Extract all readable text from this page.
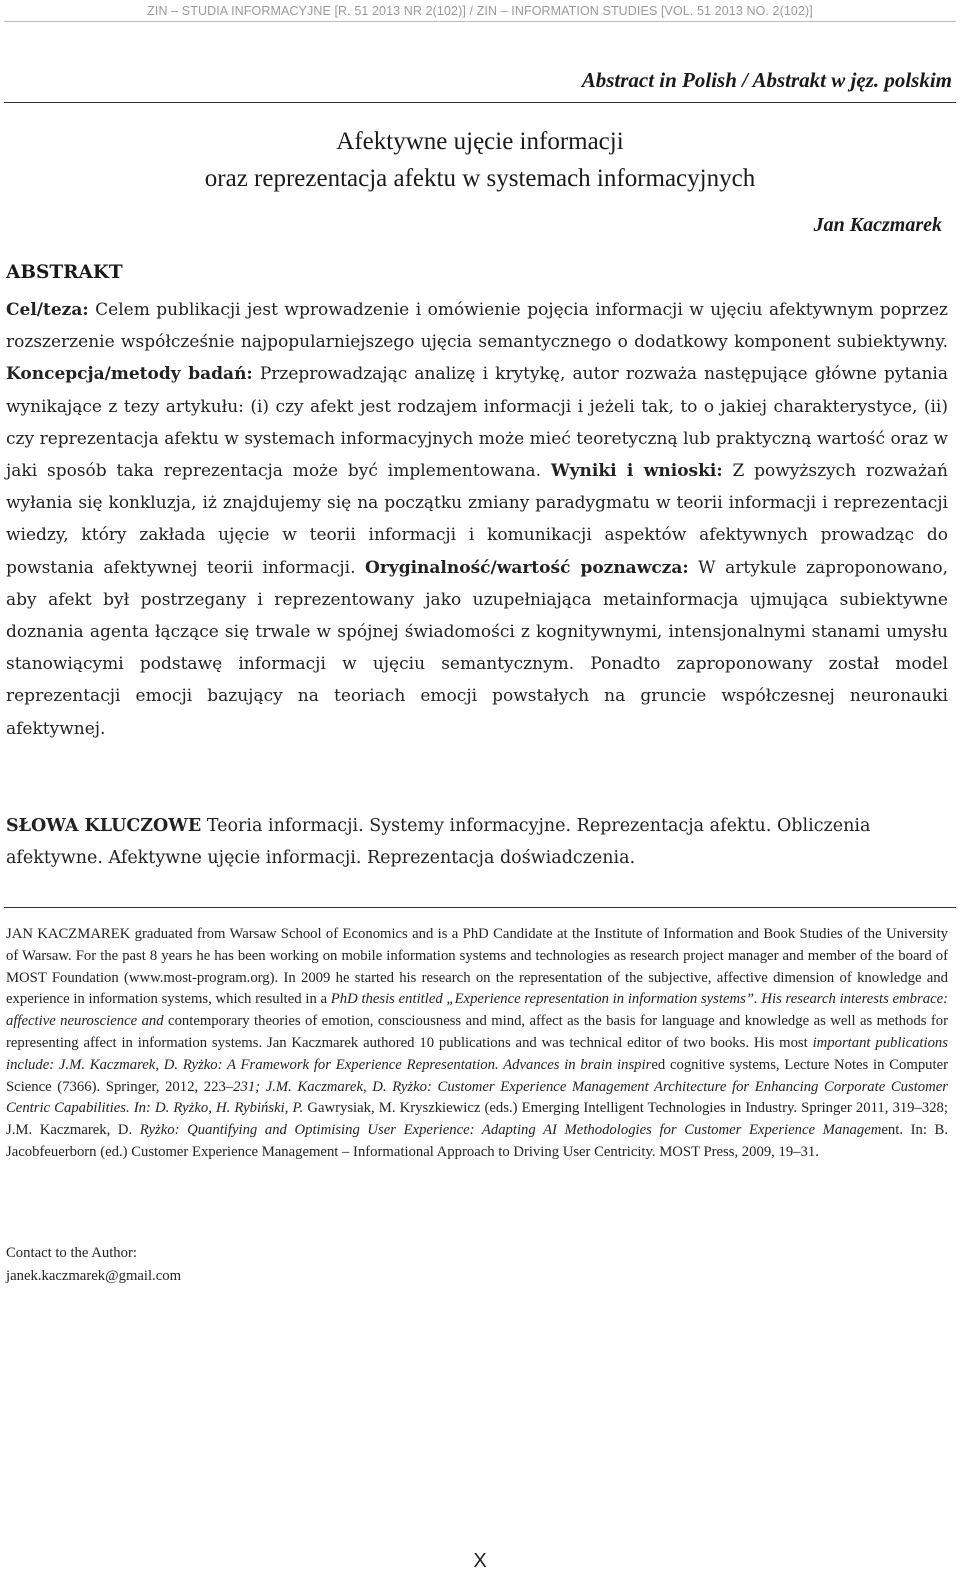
ZIN – STUDIA INFORMACYJNE [R. 51 2013 NR 2(102)] / ZIN – INFORMATION STUDIES [VOL. 51 2013 NO. 2(102)]
Abstract in Polish / Abstrakt w jęz. polskim
Afektywne ujęcie informacji
oraz reprezentacja afektu w systemach informacyjnych
Jan Kaczmarek
ABSTRAKT
Cel/teza: Celem publikacji jest wprowadzenie i omówienie pojęcia informacji w ujęciu afektywnym poprzez rozszerzenie współcześnie najpopularniejszego ujęcia semantycznego o dodatkowy komponent subiektywny. Koncepcja/metody badań: Przeprowadzając analizę i krytykę, autor rozważa następujące główne pytania wynikające z tezy artykułu: (i) czy afekt jest rodzajem informacji i jeżeli tak, to o jakiej charakterystyce, (ii) czy reprezentacja afektu w systemach informacyjnych może mieć teoretyczną lub praktyczną wartość oraz w jaki sposób taka reprezentacja może być implementowana. Wyniki i wnioski: Z powyższych rozważań wyłania się konkluzja, iż znajdujemy się na początku zmiany paradygmatu w teorii informacji i reprezentacji wiedzy, który zakłada ujęcie w teorii informacji i komunikacji aspektów afektywnych prowadząc do powstania afektywnej teorii informacji. Oryginalność/wartość poznawcza: W artykule zaproponowano, aby afekt był postrzegany i reprezentowany jako uzupełniająca metainformacja ujmująca subiektywne doznania agenta łączące się trwale w spójnej świadomości z kognitywnymi, intensjonalnymi stanami umysłu stanowiącymi podstawę informacji w ujęciu semantycznym. Ponadto zaproponowany został model reprezentacji emocji bazujący na teoriach emocji powstałych na gruncie współczesnej neuronauki afektywnej.
SŁOWA KLUCZOWE Teoria informacji. Systemy informacyjne. Reprezentacja afektu. Obliczenia afektywne. Afektywne ujęcie informacji. Reprezentacja doświadczenia.
JAN KACZMAREK graduated from Warsaw School of Economics and is a PhD Candidate at the Institute of Information and Book Studies of the University of Warsaw. For the past 8 years he has been working on mobile information systems and technologies as research project manager and member of the board of MOST Foundation (www.most-program.org). In 2009 he started his research on the representation of the subjective, affective dimension of knowledge and experience in information systems, which resulted in a PhD thesis entitled „Experience representation in information systems”. His research interests embrace: affective neuroscience and contemporary theories of emotion, consciousness and mind, affect as the basis for language and knowledge as well as methods for representing affect in information systems. Jan Kaczmarek authored 10 publications and was technical editor of two books. His most important publications include: J.M. Kaczmarek, D. Ryżko: A Framework for Experience Representation. Advances in brain inspired cognitive systems, Lecture Notes in Computer Science (7366). Springer, 2012, 223–231; J.M. Kaczmarek, D. Ryżko: Customer Experience Management Architecture for Enhancing Corporate Customer Centric Capabilities. In: D. Ryżko, H. Rybiński, P. Gawrysiak, M. Kryszkiewicz (eds.) Emerging Intelligent Technologies in Industry. Springer 2011, 319–328; J.M. Kaczmarek, D. Ryżko: Quantifying and Optimising User Experience: Adapting AI Methodologies for Customer Experience Management. In: B. Jacobfeuerborn (ed.) Customer Experience Management – Informational Approach to Driving User Centricity. MOST Press, 2009, 19–31.
Contact to the Author:
janek.kaczmarek@gmail.com
X
